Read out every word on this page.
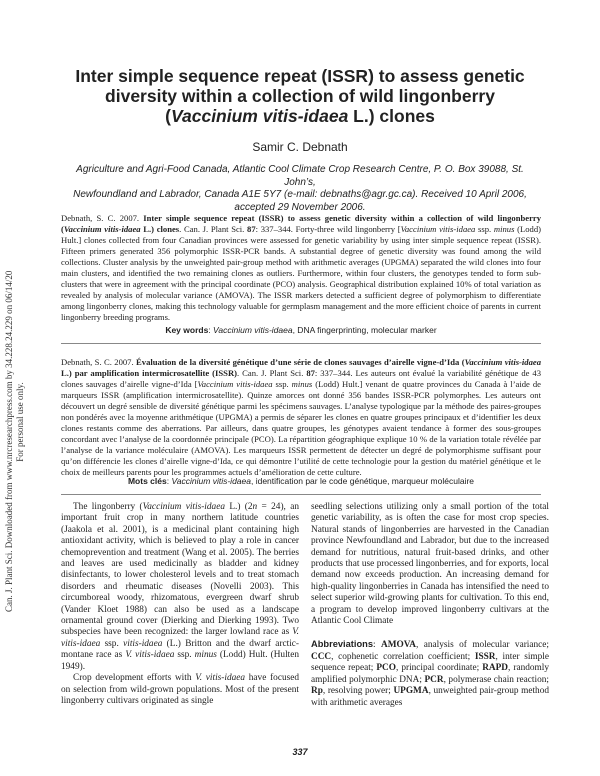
Can. J. Plant Sci. Downloaded from www.nrcresearchpress.com by 34.228.24.229 on 06/14/20 For personal use only.
Inter simple sequence repeat (ISSR) to assess genetic
diversity within a collection of wild lingonberry
(Vaccinium vitis-idaea L.) clones
Samir C. Debnath
Agriculture and Agri-Food Canada, Atlantic Cool Climate Crop Research Centre, P. O. Box 39088, St. John’s,
Newfoundland and Labrador, Canada A1E 5Y7 (e-mail: debnaths@agr.gc.ca). Received 10 April 2006,
accepted 29 November 2006.
Debnath, S. C. 2007. Inter simple sequence repeat (ISSR) to assess genetic diversity within a collection of wild lingonberry (Vaccinium vitis-idaea L.) clones. Can. J. Plant Sci. 87: 337–344. Forty-three wild lingonberry [Vaccinium vitis-idaea ssp. minus (Lodd) Hult.] clones collected from four Canadian provinces were assessed for genetic variability by using inter simple sequence repeat (ISSR). Fifteen primers generated 356 polymorphic ISSR-PCR bands. A substantial degree of genetic diversity was found among the wild collections. Cluster analysis by the unweighted pair-group method with arithmetic averages (UPGMA) separated the wild clones into four main clusters, and identified the two remaining clones as outliers. Furthermore, within four clusters, the genotypes tended to form sub-clusters that were in agreement with the principal coordinate (PCO) analysis. Geographical distribution explained 10% of total variation as revealed by analysis of molecular variance (AMOVA). The ISSR markers detected a sufficient degree of polymorphism to differentiate among lingonberry clones, making this technology valuable for germplasm management and the more efficient choice of parents in current lingonberry breeding programs.
Key words: Vaccinium vitis-idaea, DNA fingerprinting, molecular marker
Debnath, S. C. 2007. Évaluation de la diversité génétique d’une série de clones sauvages d’airelle vigne-d’Ida (Vaccinium vitis-idaea L.) par amplification intermicrosatellite (ISSR). Can. J. Plant Sci. 87: 337–344. Les auteurs ont évalué la variabilité génétique de 43 clones sauvages d’airelle vigne-d’Ida [Vaccinium vitis-idaea ssp. minus (Lodd) Hult.] venant de quatre provinces du Canada à l’aide de marqueurs ISSR (amplification intermicrosatellite). Quinze amorces ont donné 356 bandes ISSR-PCR polymorphes. Les auteurs ont découvert un degré sensible de diversité génétique parmi les spécimens sauvages. L’analyse typologique par la méthode des paires-groupes non pondérés avec la moyenne arithmétique (UPGMA) a permis de séparer les clones en quatre groupes principaux et d’identifier les deux clones restants comme des aberrations. Par ailleurs, dans quatre groupes, les génotypes avaient tendance à former des sous-groupes concordant avec l’analyse de la coordonnée principale (PCO). La répartition géographique explique 10 % de la variation totale révélée par l’analyse de la variance moléculaire (AMOVA). Les marqueurs ISSR permettent de détecter un degré de polymorphisme suffisant pour qu’on différencie les clones d’airelle vigne-d’Ida, ce qui démontre l’utilité de cette technologie pour la gestion du matériel génétique et le choix de meilleurs parents pour les programmes actuels d’amélioration de cette culture.
Mots clés: Vaccinium vitis-idaea, identification par le code génétique, marqueur moléculaire

The lingonberry (Vaccinium vitis-idaea L.) (2n = 24), an important fruit crop in many northern latitude countries (Jaakola et al. 2001), is a medicinal plant containing high antioxidant activity, which is believed to play a role in cancer chemoprevention and treatment (Wang et al. 2005). The berries and leaves are used medicinally as bladder and kidney disinfectants, to lower cholesterol levels and to treat stomach disorders and rheumatic diseases (Novelli 2003). This circumboreal woody, rhizomatous, evergreen dwarf shrub (Vander Kloet 1988) can also be used as a landscape ornamental ground cover (Dierking and Dierking 1993). Two subspecies have been recognized: the larger lowland race as V. vitis-idaea ssp. vitis-idaea (L.) Britton and the dwarf arctic-montane race as V. vitis-idaea ssp. minus (Lodd) Hult. (Hulten 1949).

Crop development efforts with V. vitis-idaea have focused on selection from wild-grown populations. Most of the present lingonberry cultivars originated as single

seedling selections utilizing only a small portion of the total genetic variability, as is often the case for most crop species. Natural stands of lingonberries are harvested in the Canadian province Newfoundland and Labrador, but due to the increased demand for nutritious, natural fruit-based drinks, and other products that use processed lingonberries, and for exports, local demand now exceeds production. An increasing demand for high-quality lingonberries in Canada has intensified the need to select superior wild-growing plants for cultivation. To this end, a program to develop improved lingonberry cultivars at the Atlantic Cool Climate

Abbreviations: AMOVA, analysis of molecular variance; CCC, cophenetic correlation coefficient; ISSR, inter simple sequence repeat; PCO, principal coordinate; RAPD, randomly amplified polymorphic DNA; PCR, polymerase chain reaction; Rp, resolving power; UPGMA, unweighted pair-group method with arithmetic averages
337
